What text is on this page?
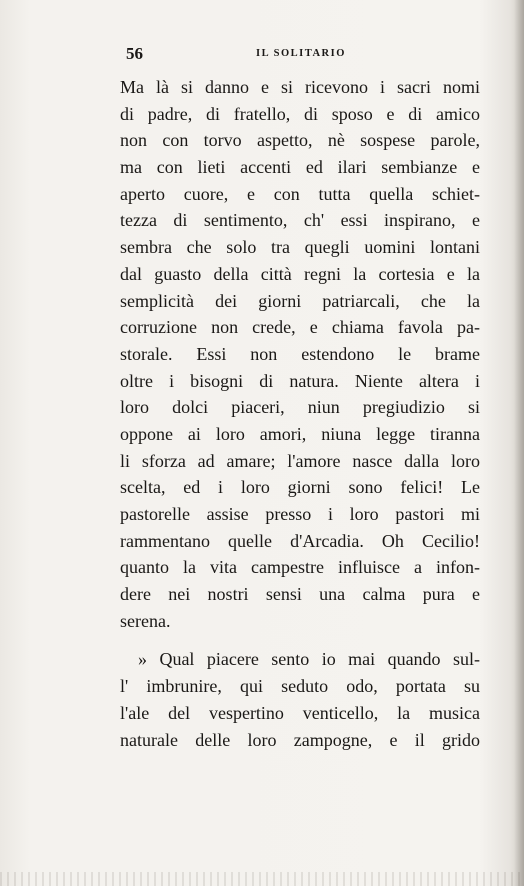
56	IL SOLITARIO
Ma là si danno e si ricevono i sacri nomi
di padre, di fratello, di sposo e di amico
non con torvo aspetto, nè sospese parole,
ma con lieti accenti ed ilari sembianze e
aperto cuore, e con tutta quella schiet-
tezza di sentimento, ch' essi inspirano, e
sembra che solo tra quegli uomini lontani
dal guasto della città regni la cortesia e la
semplicità dei giorni patriarcali, che la
corruzione non crede, e chiama favola pa-
storale. Essi non estendono le brame
oltre i bisogni di natura. Niente altera i
loro dolci piaceri, niun pregiudizio si
oppone ai loro amori, niuna legge tiranna
li sforza ad amare; l'amore nasce dalla loro
scelta, ed i loro giorni sono felici! Le
pastorelle assise presso i loro pastori mi
rammentano quelle d'Arcadia. Oh Cecilio!
quanto la vita campestre influisce a infon-
dere nei nostri sensi una calma pura e
serena.
» Qual piacere sento io mai quando sul-
l' imbrunire, qui seduto odo, portata su
l'ale del vespertino venticello, la musica
naturale delle loro zampogne, e il grido
